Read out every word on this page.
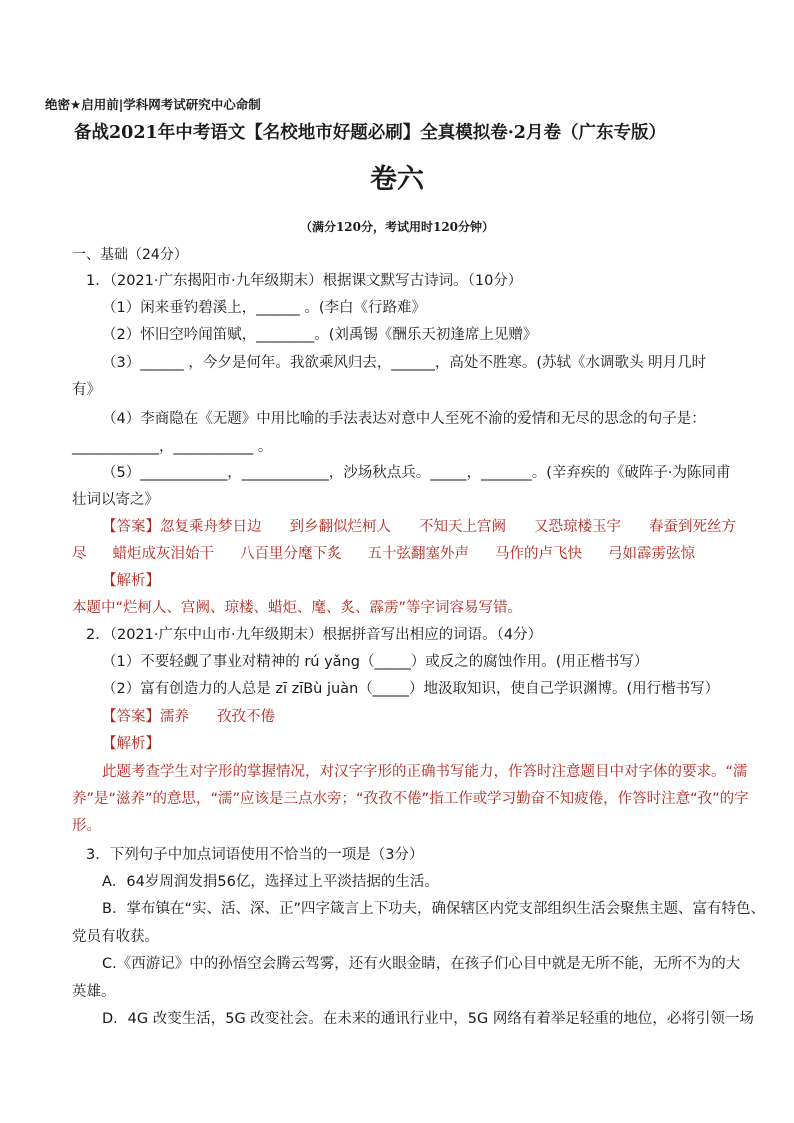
绝密★启用前|学科网考试研究中心命制
备战2021年中考语文【名校地市好题必刷】全真模拟卷·2月卷（广东专版）
卷六
（满分120分，考试用时120分钟）
一、基础（24分）
1．（2021·广东揭阳市·九年级期末）根据课文默写古诗词。（10分）
（1）闲来垂钓碧溪上，______ 。(李白《行路难》
（2）怀旧空吟闻笛赋，________。(刘禹锡《酬乐天初逢席上见赠》
（3）______ ，今夕是何年。我欲乘风归去，______，高处不胜寒。(苏轼《水调歌头 明月几时
有》
（4）李商隐在《无题》中用比喻的手法表达对意中人至死不渝的爱情和无尽的思念的句子是：
____________，___________ 。
（5）____________，____________，沙场秋点兵。_____，_______。(辛弃疾的《破阵子·为陈同甫
壮词以寄之》
【答案】忽复乘舟梦日边 到乡翻似烂柯人 不知天上宫阙 又恐琼楼玉宇 春蚕到死丝方
尽 蜡炬成灰泪始干 八百里分麾下炙 五十弦翻塞外声 马作的卢飞快 弓如霹雳弦惊
【解析】
本题中“烂柯人、宫阙、琼楼、蜡炬、麾、炙、霹雳”等字词容易写错。
2．（2021·广东中山市·九年级期末）根据拼音写出相应的词语。（4分）
（1）不要轻觑了事业对精神的 rú yǎng（_____）或反之的腐蚀作用。(用正楷书写）
（2）富有创造力的人总是 zī zīBù juàn（_____）地汲取知识，使自己学识渊博。(用行楷书写）
【答案】濡养 孜孜不倦
【解析】
此题考查学生对字形的掌握情况，对汉字字形的正确书写能力，作答时注意题目中对字体的要求。“濡
养”是“滋养”的意思，“濡”应该是三点水旁；“孜孜不倦”指工作或学习勤奋不知疲倦，作答时注意“孜”的字
形。
3．下列句子中加点词语使用不恰当的一项是（3分）
A．64岁周润发捐56亿，选择过上平淡拮据的生活。
B．掌布镇在“实、活、深、正”四字箴言上下功夫，确保辖区内党支部组织生活会聚焦主题、富有特色、
党员有收获。
C.《西游记》中的孙悟空会腾云驾雾，还有火眼金睛，在孩子们心目中就是无所不能，无所不为的大
英雄。
D．4G 改变生活，5G 改变社会。在未来的通讯行业中，5G 网络有着举足轻重的地位，必将引领一场
